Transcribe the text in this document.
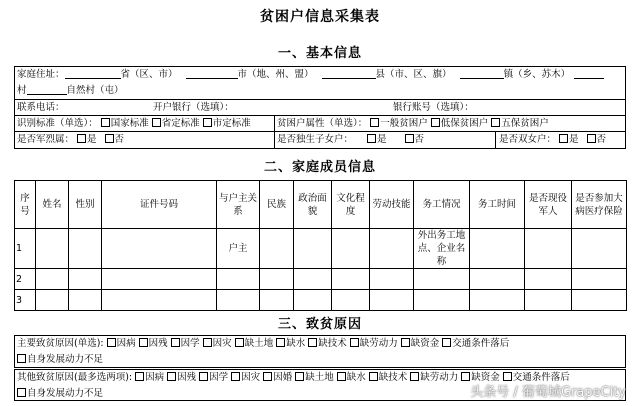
贫困户信息采集表
一、基本信息
家庭住址：	省（区、市）	市（地、州、盟）	县（市、区、旗）	镇（乡、苏木）
村	自然村（屯）
联系电话：	开户银行（选填）：	银行账号（选填）：
识别标准（单选）： 国家标准 省定标准 市定标准	贫困户属性（单选）： 一般贫困户 低保贫困户 五保贫困户
是否军烈属： 是 否	是否独生子女户：	是	否	是否双女户： 是 否
二、家庭成员信息
序号	姓名	性别	证件号码	与户主关系	民族	政治面貌	文化程度	劳动技能	务工情况	务工时间	是否现役军人	是否参加大病医疗保险
1				户主					外出务工地点、企业名称			
2												
3												
三、致贫原因
主要致贫原因(单选): 因病 因残 因学 因灾 缺土地 缺水 缺技术 缺劳动力 缺资金 交通条件落后
自身发展动力不足
其他致贫原因(最多选两项): 因病 因残 因学 因灾 因婚 缺土地 缺水 缺技术 缺劳动力 缺资金 交通条件落后
自身发展动力不足	头条号 / 葡萄城GrapeCity
